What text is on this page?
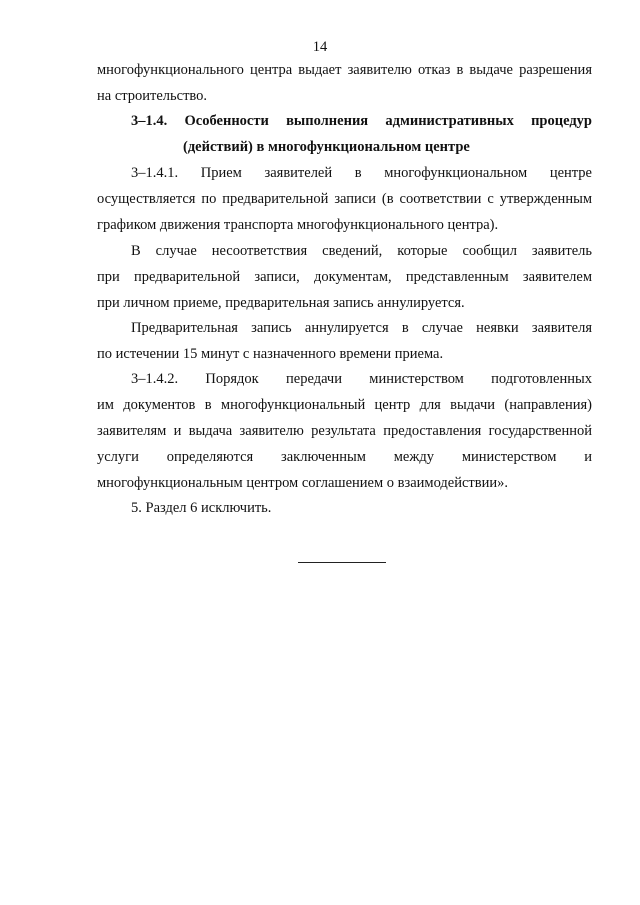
14
многофункционального центра выдает заявителю отказ в выдаче разрешения
на строительство.
3–1.4. Особенности выполнения административных процедур
(действий) в многофункциональном центре
3–1.4.1. Прием заявителей в многофункциональном центре
осуществляется по предварительной записи (в соответствии с утвержденным
графиком движения транспорта многофункционального центра).
В случае несоответствия сведений, которые сообщил заявитель
при предварительной записи, документам, представленным заявителем
при личном приеме, предварительная запись аннулируется.
Предварительная запись аннулируется в случае неявки заявителя
по истечении 15 минут с назначенного времени приема.
3–1.4.2. Порядок передачи министерством подготовленных
им документов в многофункциональный центр для выдачи (направления)
заявителям и выдача заявителю результата предоставления государственной
услуги определяются заключенным между министерством и
многофункциональным центром соглашением о взаимодействии».
5. Раздел 6 исключить.
